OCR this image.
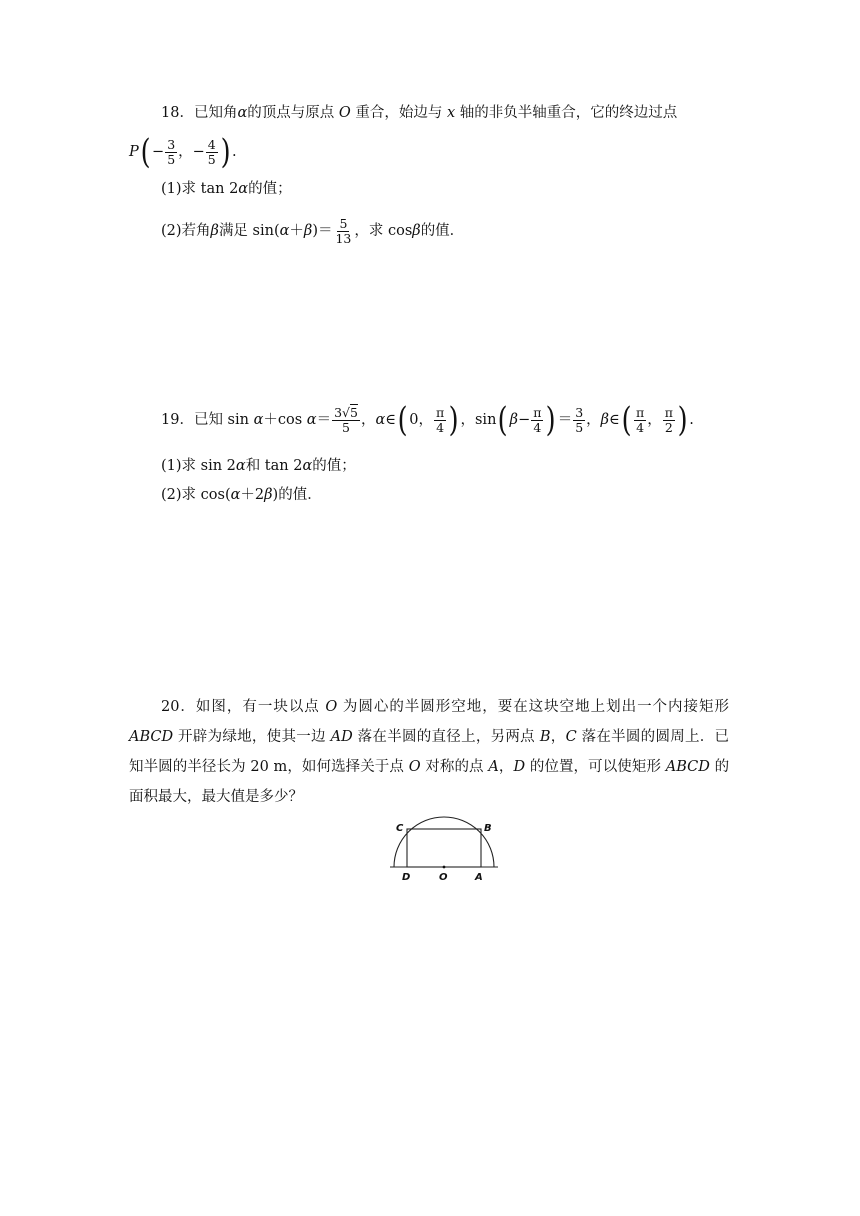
18．已知角α的顶点与原点 O 重合，始边与 x 轴的非负半轴重合，它的终边过点
$P( - \frac{3}{5}$ ，− $\frac{4}{5}$ ) .
(1)求 tan 2α的值；
(2)若角β满足 $\sin(\alpha+\beta)= \frac{5}{13}$ ，求 cosβ的值．
19．已知 sin α＋cos $\alpha= \frac{3√5}{5}$ ，α∈( 0， $\frac{\pi}{4}$ ) ，sin( $\beta- \frac{\pi}{4}$ ) ＝ $\frac{3}{5}$ ，β∈( $\frac{\pi}{4}$ ， $\frac{\pi}{2}$ ) .
(1)求 sin 2α和 tan 2α的值；
(2)求 cos(α＋2β)的值．
20．如图，有一块以点 O 为圆心的半圆形空地，要在这块空地上划出一个内接矩形 ABCD 开辟为绿地，使其一边 AD 落在半圆的直径上，另两点 B，C 落在半圆的圆周上．已知半圆的半径长为 20 m，如何选择关于点 O 对称的点 A，D 的位置，可以使矩形 ABCD 的面积最大，最大值是多少？
C	B
D	O	A
